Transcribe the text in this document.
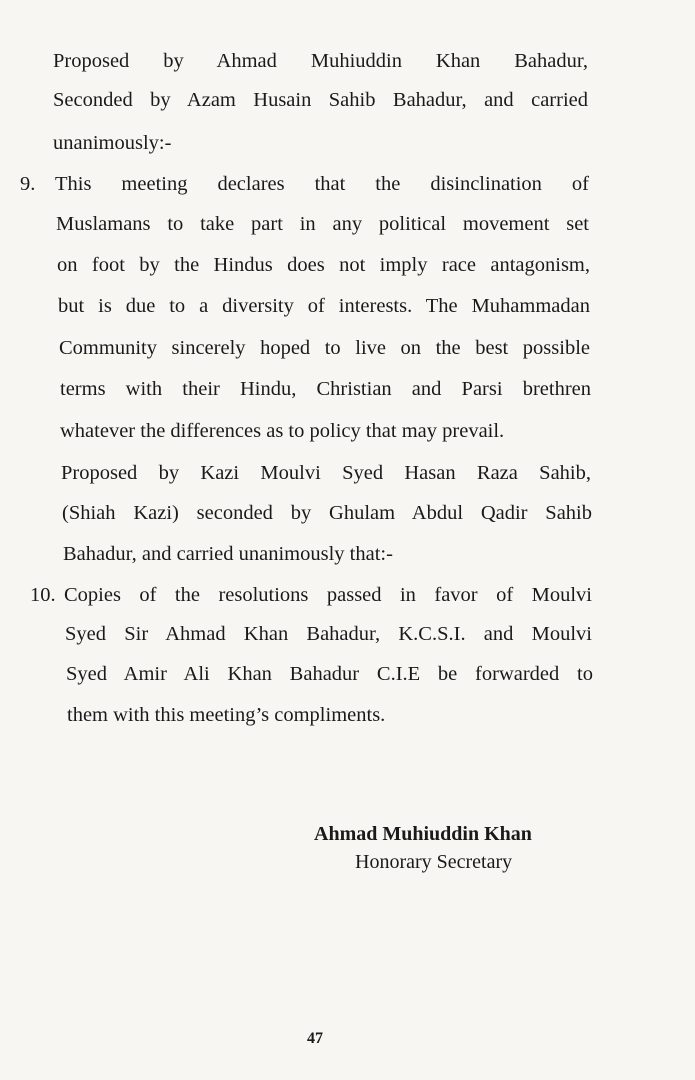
Proposed by Ahmad Muhiuddin Khan Bahadur,
Seconded by Azam Husain Sahib Bahadur, and carried
unanimously:-
9. This meeting declares that the disinclination of
Muslamans to take part in any political movement set
on foot by the Hindus does not imply race antagonism,
but is due to a diversity of interests. The Muhammadan
Community sincerely hoped to live on the best possible
terms with their Hindu, Christian and Parsi brethren
whatever the differences as to policy that may prevail.
Proposed by Kazi Moulvi Syed Hasan Raza Sahib,
(Shiah Kazi) seconded by Ghulam Abdul Qadir Sahib
Bahadur, and carried unanimously that:-
10. Copies of the resolutions passed in favor of Moulvi
Syed Sir Ahmad Khan Bahadur, K.C.S.I. and Moulvi
Syed Amir Ali Khan Bahadur C.I.E be forwarded to
them with this meeting’s compliments.
Ahmad Muhiuddin Khan
Honorary Secretary
47
